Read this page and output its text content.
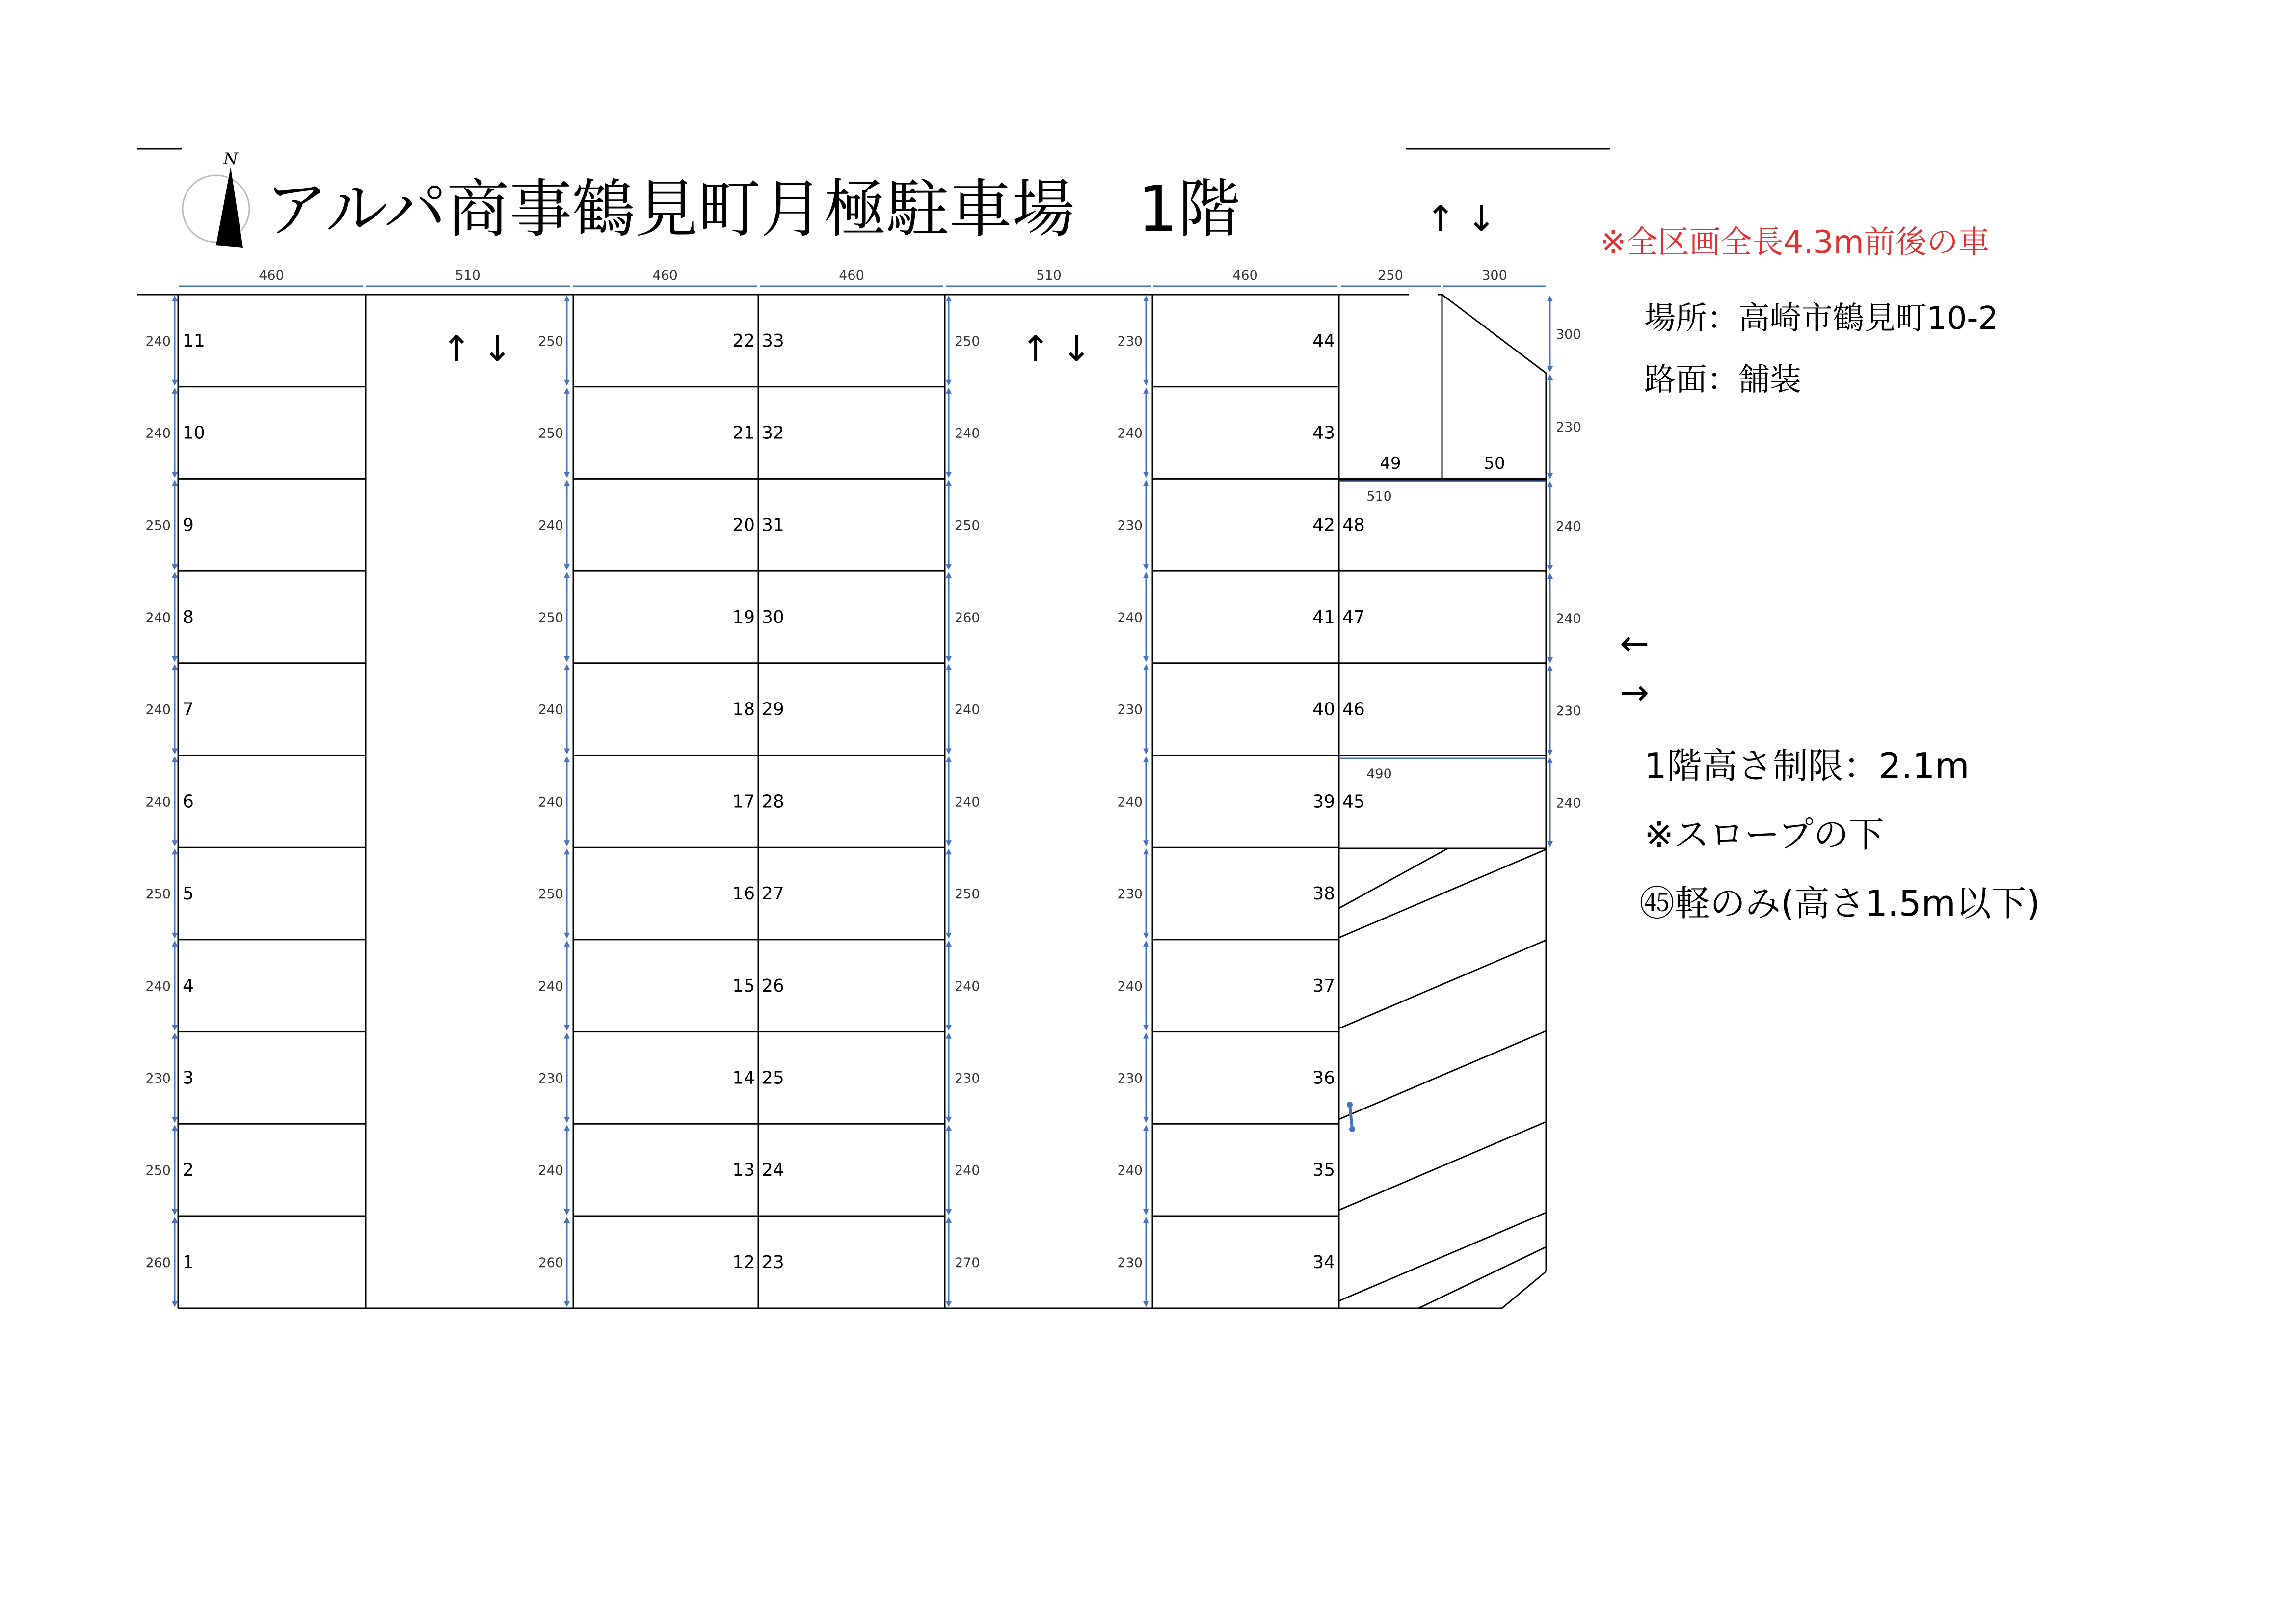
アルパ商事鶴見町月極駐車場　1階
N
↑ ↓
※全区画全長4.3m前後の車
場所：高崎市鶴見町10-2
路面：舗装
←
→
1階高さ制限：2.1m
※スロープの下
㊺軽のみ(高さ1.5m以下)
460	510	460	460	510	460	250	300
↑ ↓	↑ ↓
49	50
510
490
11
10
9
8
7
6
5
4
3
2
1
22
21
20
19
18
17
16
15
14
13
12
33
32
31
30
29
28
27
26
25
24
23
44
43
42
41
40
39
38
37
36
35
34
48
47
46
45
240
240
250
240
240
240
250
240
230
250
260
250
250
240
250
240
240
250
240
230
240
260
250
240
250
260
240
240
250
240
230
240
270
230
240
230
240
230
240
230
240
230
240
230
300
230
240
240
230
240
